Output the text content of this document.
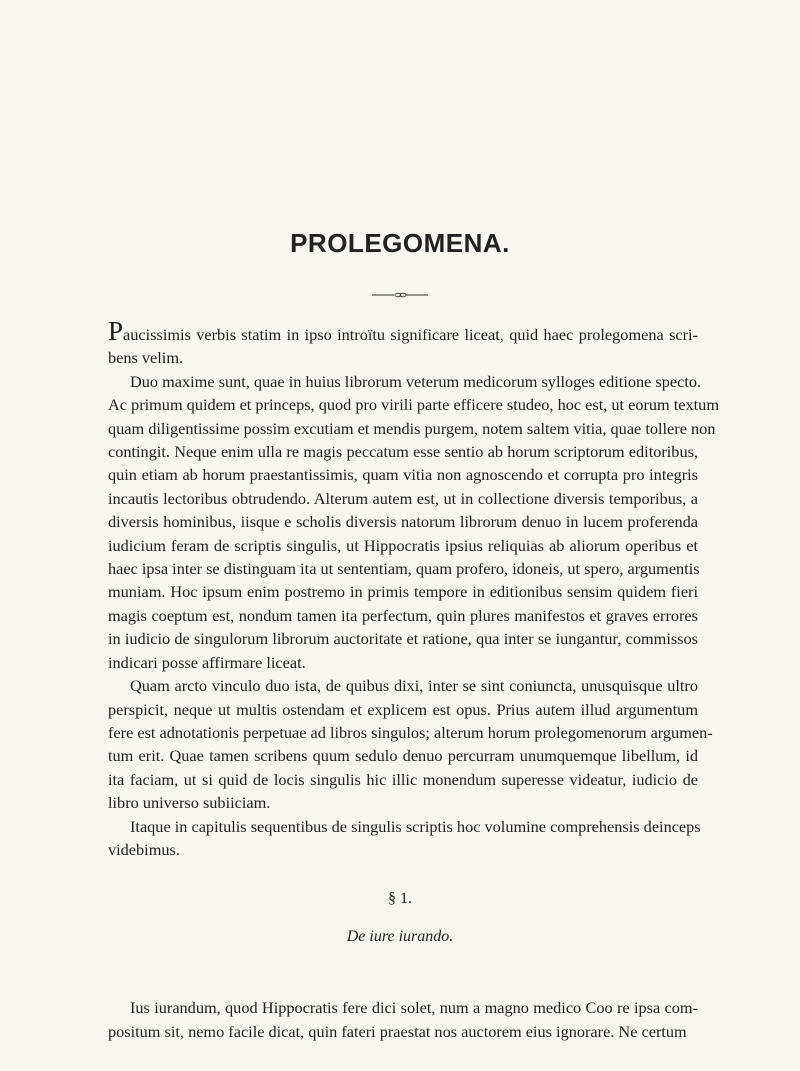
PROLEGOMENA.

Paucissimis verbis statim in ipso introïtu significare liceat, quid haec prolegomena scri-
bens velim.

Duo maxime sunt, quae in huius librorum veterum medicorum sylloges editione specto.
Ac primum quidem et princeps, quod pro virili parte efficere studeo, hoc est, ut eorum textum
quam diligentissime possim excutiam et mendis purgem, notem saltem vitia, quae tollere non
contingit. Neque enim ulla re magis peccatum esse sentio ab horum scriptorum editoribus,
quin etiam ab horum praestantissimis, quam vitia non agnoscendo et corrupta pro integris
incautis lectoribus obtrudendo. Alterum autem est, ut in collectione diversis temporibus, a
diversis hominibus, iisque e scholis diversis natorum librorum denuo in lucem proferenda
iudicium feram de scriptis singulis, ut Hippocratis ipsius reliquias ab aliorum operibus et
haec ipsa inter se distinguam ita ut sententiam, quam profero, idoneis, ut spero, argumentis
muniam. Hoc ipsum enim postremo in primis tempore in editionibus sensim quidem fieri
magis coeptum est, nondum tamen ita perfectum, quin plures manifestos et graves errores
in iudicio de singulorum librorum auctoritate et ratione, qua inter se iungantur, commissos
indicari posse affirmare liceat.

Quam arcto vinculo duo ista, de quibus dixi, inter se sint coniuncta, unusquisque ultro
perspicit, neque ut multis ostendam et explicem est opus. Prius autem illud argumentum
fere est adnotationis perpetuae ad libros singulos; alterum horum prolegomenorum argumen-
tum erit. Quae tamen scribens quum sedulo denuo percurram unumquemque libellum, id
ita faciam, ut si quid de locis singulis hic illic monendum superesse videatur, iudicio de
libro universo subiiciam.

Itaque in capitulis sequentibus de singulis scriptis hoc volumine comprehensis deinceps
videbimus.

§ 1.
De iure iurando.

Ius iurandum, quod Hippocratis fere dici solet, num a magno medico Coo re ipsa com-
positum sit, nemo facile dicat, quin fateri praestat nos auctorem eius ignorare. Ne certum
